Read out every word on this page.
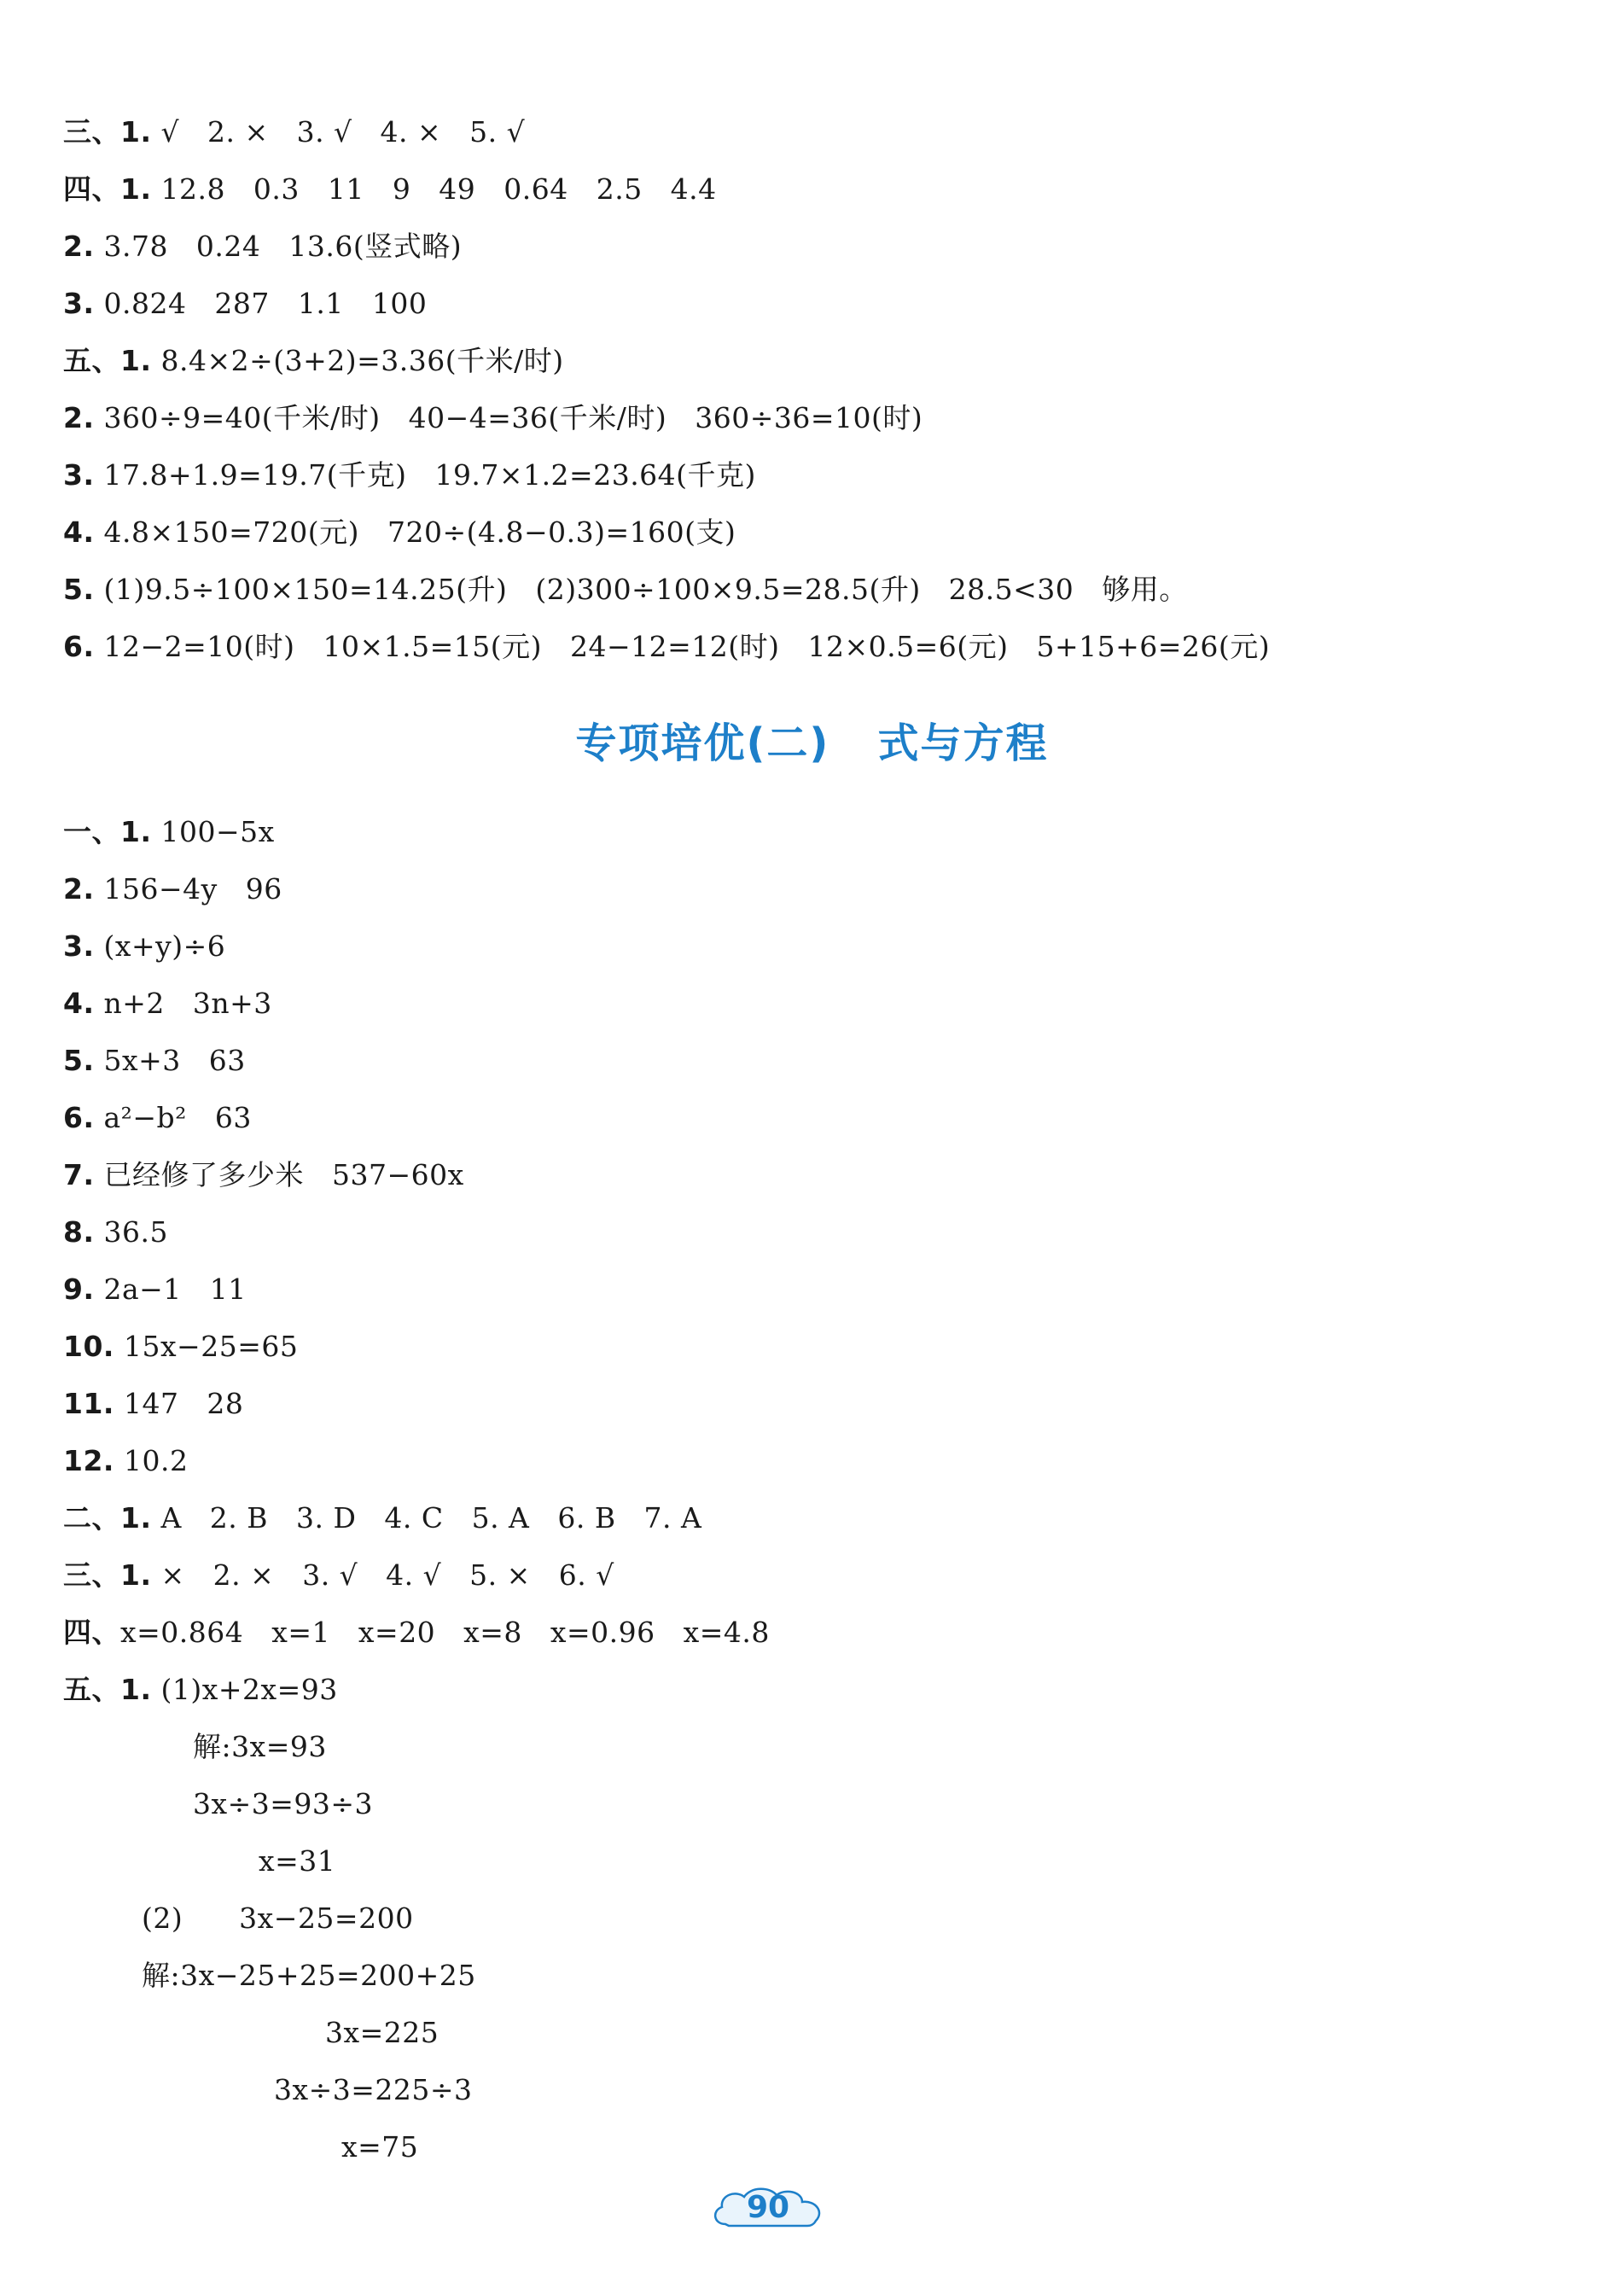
三、1. √   2. ×   3. √   4. ×   5. √
四、1. 12.8   0.3   11   9   49   0.64   2.5   4.4
2. 3.78   0.24   13.6(竖式略)
3. 0.824   287   1.1   100
五、1. 8.4×2÷(3+2)=3.36(千米/时)
2. 360÷9=40(千米/时)   40−4=36(千米/时)   360÷36=10(时)
3. 17.8+1.9=19.7(千克)   19.7×1.2=23.64(千克)
4. 4.8×150=720(元)   720÷(4.8−0.3)=160(支)
5. (1)9.5÷100×150=14.25(升)   (2)300÷100×9.5=28.5(升)   28.5<30   够用。
6. 12−2=10(时)   10×1.5=15(元)   24−12=12(时)   12×0.5=6(元)   5+15+6=26(元)
专项培优(二)   式与方程
一、1. 100−5x
2. 156−4y   96
3. (x+y)÷6
4. n+2   3n+3
5. 5x+3   63
6. a²−b²   63
7. 已经修了多少米   537−60x
8. 36.5
9. 2a−1   11
10. 15x−25=65
11. 147   28
12. 10.2
二、1. A   2. B   3. D   4. C   5. A   6. B   7. A
三、1. ×   2. ×   3. √   4. √   5. ×   6. √
四、x=0.864   x=1   x=20   x=8   x=0.96   x=4.8
五、1. (1)x+2x=93
解:3x=93
3x÷3=93÷3
x=31
(2)      3x−25=200
解:3x−25+25=200+25
3x=225
3x÷3=225÷3
x=75
90
